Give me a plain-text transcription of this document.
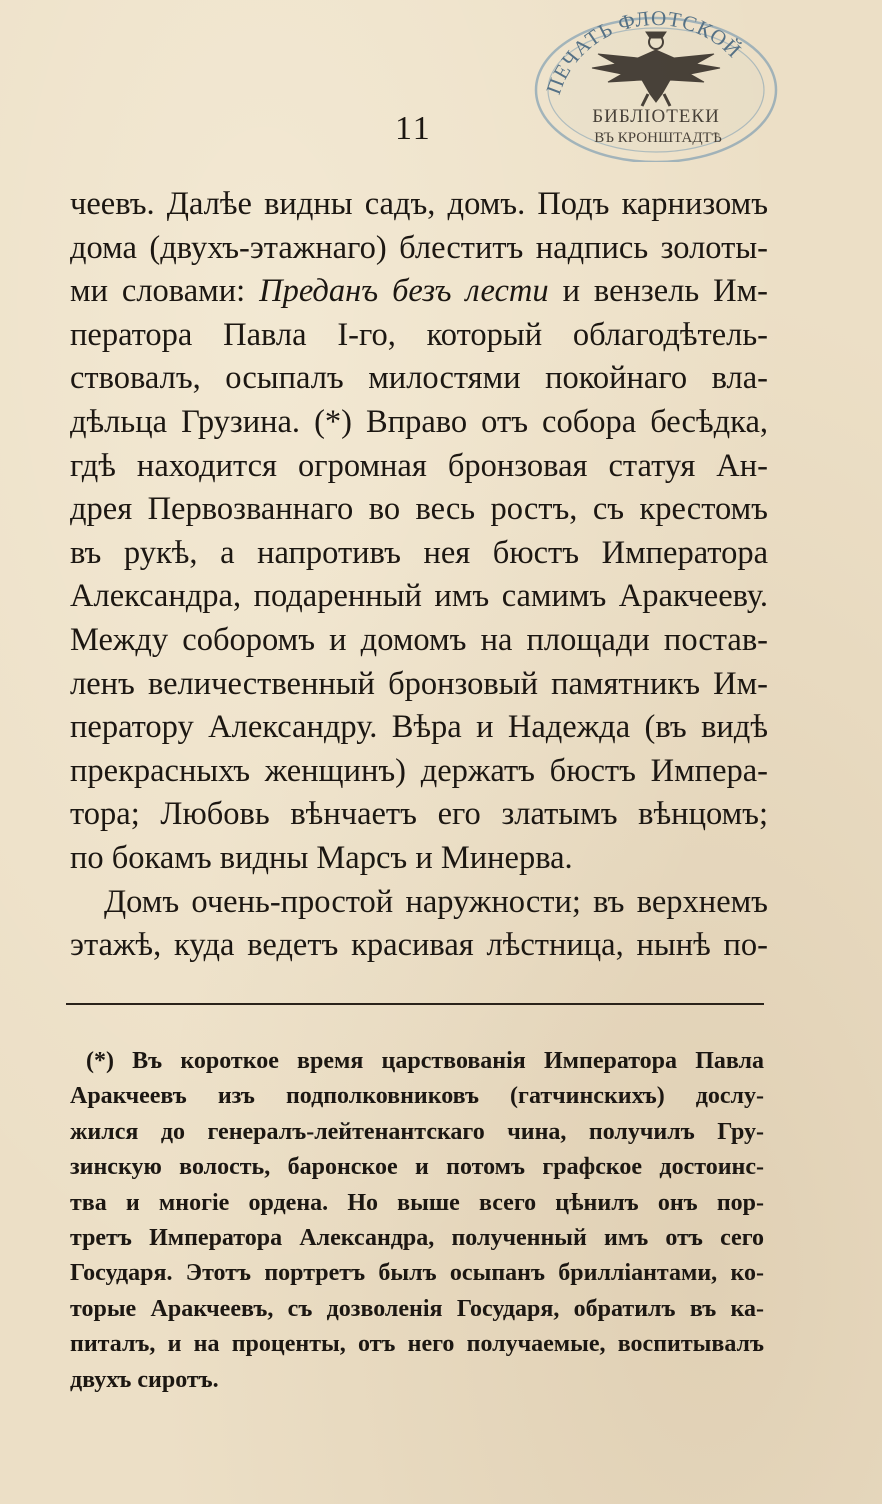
ПЕЧАТЬ ФЛОТСКОЙ
БИБЛІОТЕКИ
ВЪ КРОНШТАДТѢ
11
чеевъ. Далѣе видны садъ, домъ. Подъ карнизомъ
дома (двухъ-этажнаго) блеститъ надпись золоты-
ми словами: Преданъ безъ лести и вензель Им-
ператора Павла І-го, который облагодѣтель-
ствовалъ, осыпалъ милостями покойнаго вла-
дѣльца Грузина. (*) Вправо отъ собора бесѣдка,
гдѣ находится огромная бронзовая статуя Ан-
дрея Первозваннаго во весь ростъ, съ крестомъ
въ рукѣ, а напротивъ нея бюстъ Императора
Александра, подаренный имъ самимъ Аракчееву.
Между соборомъ и домомъ на площади постав-
ленъ величественный бронзовый памятникъ Им-
ператору Александру. Вѣра и Надежда (въ видѣ
прекрасныхъ женщинъ) держатъ бюстъ Импера-
тора; Любовь вѣнчаетъ его златымъ вѣнцомъ;
по бокамъ видны Марсъ и Минерва.
Домъ очень-простой наружности; въ верхнемъ
этажѣ, куда ведетъ красивая лѣстница, нынѣ по-
(*) Въ короткое время царствованія Императора Павла
Аракчеевъ изъ подполковниковъ (гатчинскихъ) дослу-
жился до генералъ-лейтенантскаго чина, получилъ Гру-
зинскую волость, баронское и потомъ графское достоинс-
тва и многіе ордена. Но выше всего цѣнилъ онъ пор-
третъ Императора Александра, полученный имъ отъ сего
Государя. Этотъ портретъ былъ осыпанъ брилліантами, ко-
торые Аракчеевъ, съ дозволенія Государя, обратилъ въ ка-
питалъ, и на проценты, отъ него получаемые, воспитывалъ
двухъ сиротъ.
